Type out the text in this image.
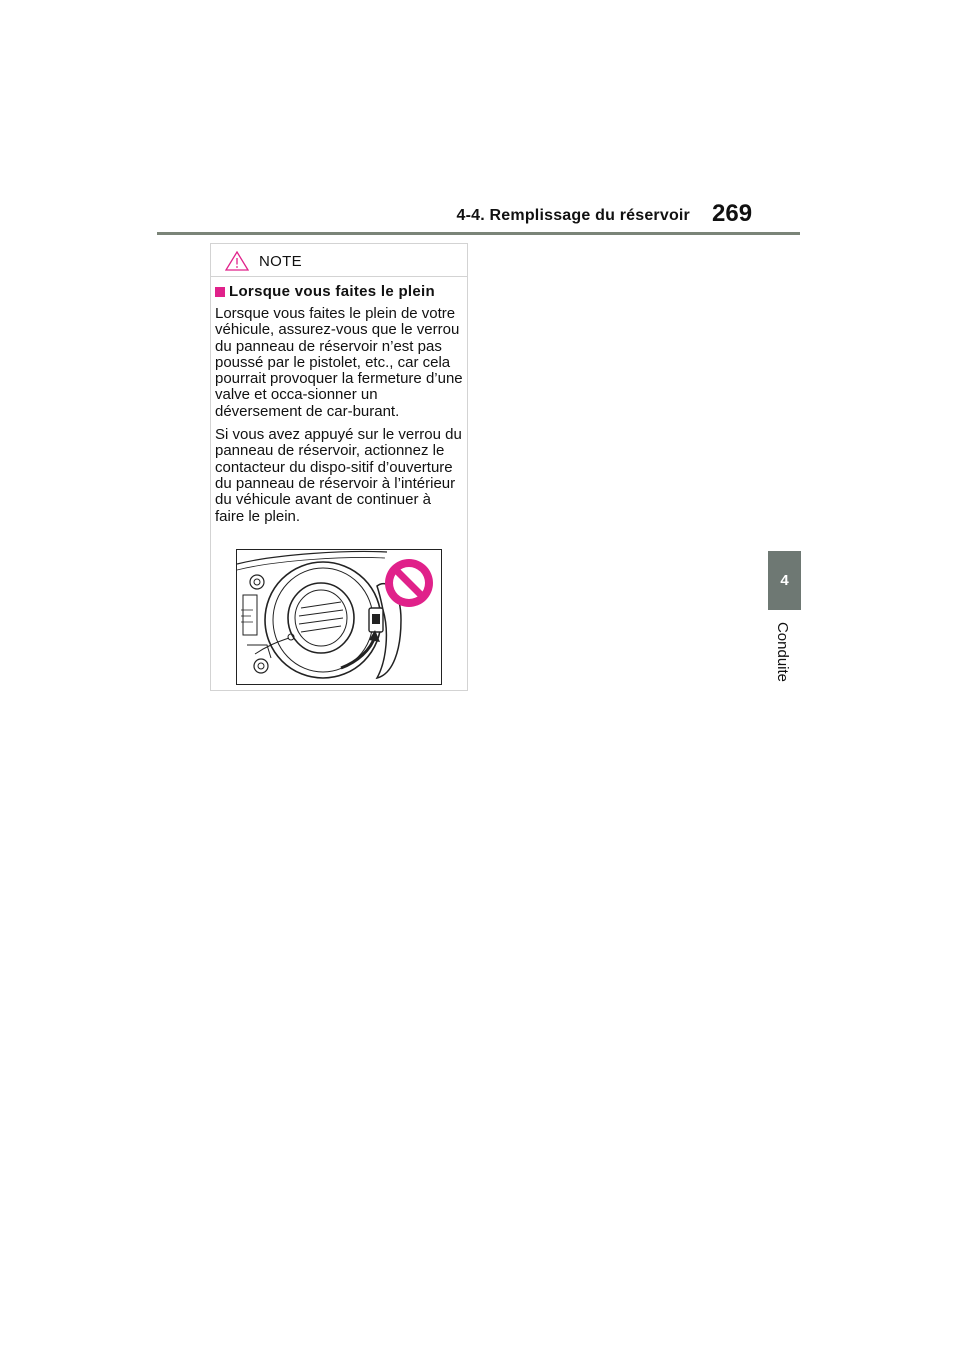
4-4. Remplissage du réservoir 269
4
Conduite
NOTE
Lorsque vous faites le plein

Lorsque vous faites le plein de votre véhicule, assurez-vous que le verrou du panneau de réservoir n’est pas poussé par le pistolet, etc., car cela pourrait provoquer la fermeture d’une valve et occa-sionner un déversement de car-burant.

Si vous avez appuyé sur le verrou du panneau de réservoir, actionnez le contacteur du dispo-sitif d’ouverture du panneau de réservoir à l’intérieur du véhicule avant de continuer à faire le plein.
